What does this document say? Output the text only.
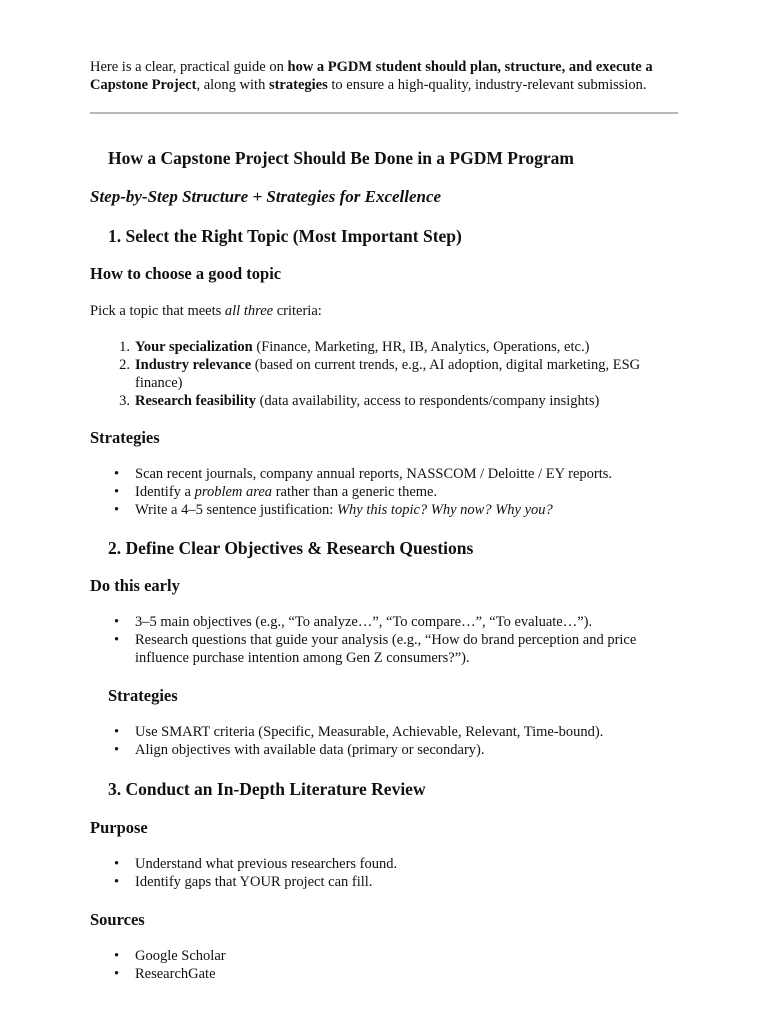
Here is a clear, practical guide on how a PGDM student should plan, structure, and execute a Capstone Project, along with strategies to ensure a high-quality, industry-relevant submission.

How a Capstone Project Should Be Done in a PGDM Program
Step-by-Step Structure + Strategies for Excellence
1. Select the Right Topic (Most Important Step)
How to choose a good topic

Pick a topic that meets all three criteria:

1. Your specialization (Finance, Marketing, HR, IB, Analytics, Operations, etc.)
2. Industry relevance (based on current trends, e.g., AI adoption, digital marketing, ESG finance)
3. Research feasibility (data availability, access to respondents/company insights)
Strategies
• Scan recent journals, company annual reports, NASSCOM / Deloitte / EY reports.
• Identify a problem area rather than a generic theme.
• Write a 4–5 sentence justification: Why this topic? Why now? Why you?
2. Define Clear Objectives & Research Questions
Do this early
• 3–5 main objectives (e.g., “To analyze…”, “To compare…”, “To evaluate…”).
• Research questions that guide your analysis (e.g., “How do brand perception and price influence purchase intention among Gen Z consumers?”).
Strategies
• Use SMART criteria (Specific, Measurable, Achievable, Relevant, Time-bound).
• Align objectives with available data (primary or secondary).
3. Conduct an In-Depth Literature Review
Purpose
• Understand what previous researchers found.
• Identify gaps that YOUR project can fill.
Sources
• Google Scholar
• ResearchGate
